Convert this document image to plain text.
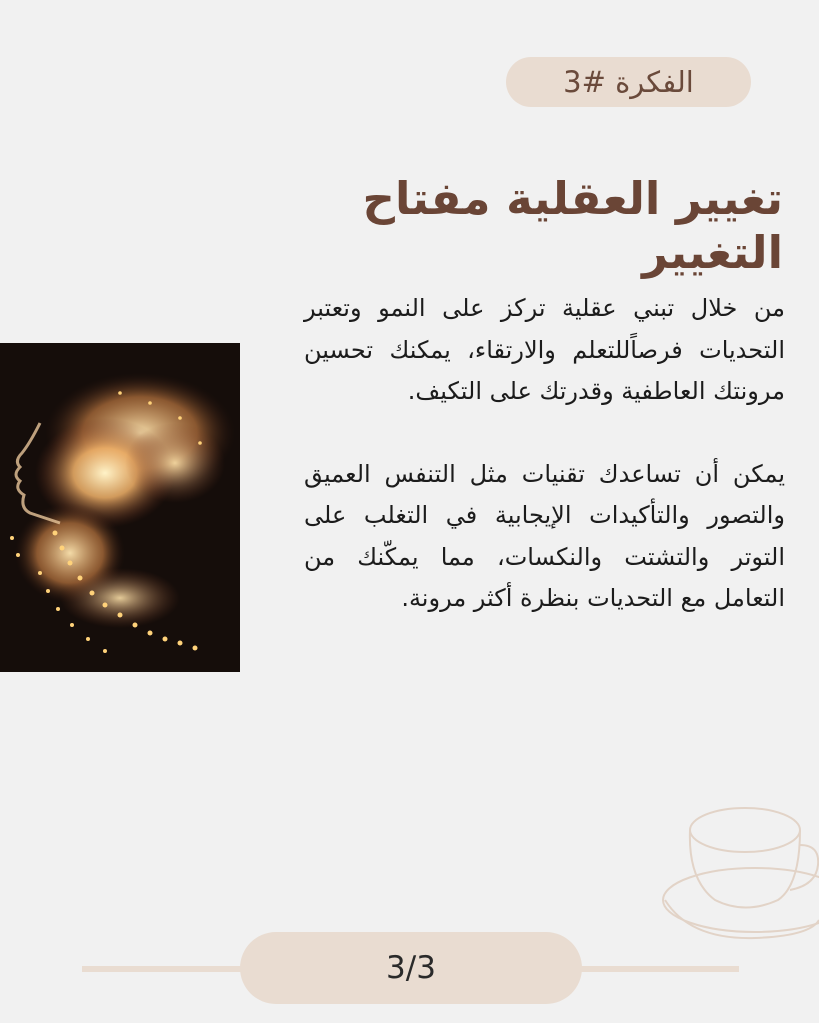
الفكرة #3
تغيير العقلية مفتاح التغيير

من خلال تبني عقلية تركز على النمو وتعتبر التحديات فرصاًللتعلم والارتقاء، يمكنك تحسين مرونتك العاطفية وقدرتك على التكيف.

يمكن أن تساعدك تقنيات مثل التنفس العميق والتصور والتأكيدات الإيجابية في التغلب على التوتر والتشتت والنكسات، مما يمكّنك من التعامل مع التحديات بنظرة أكثر مرونة.

3/3
